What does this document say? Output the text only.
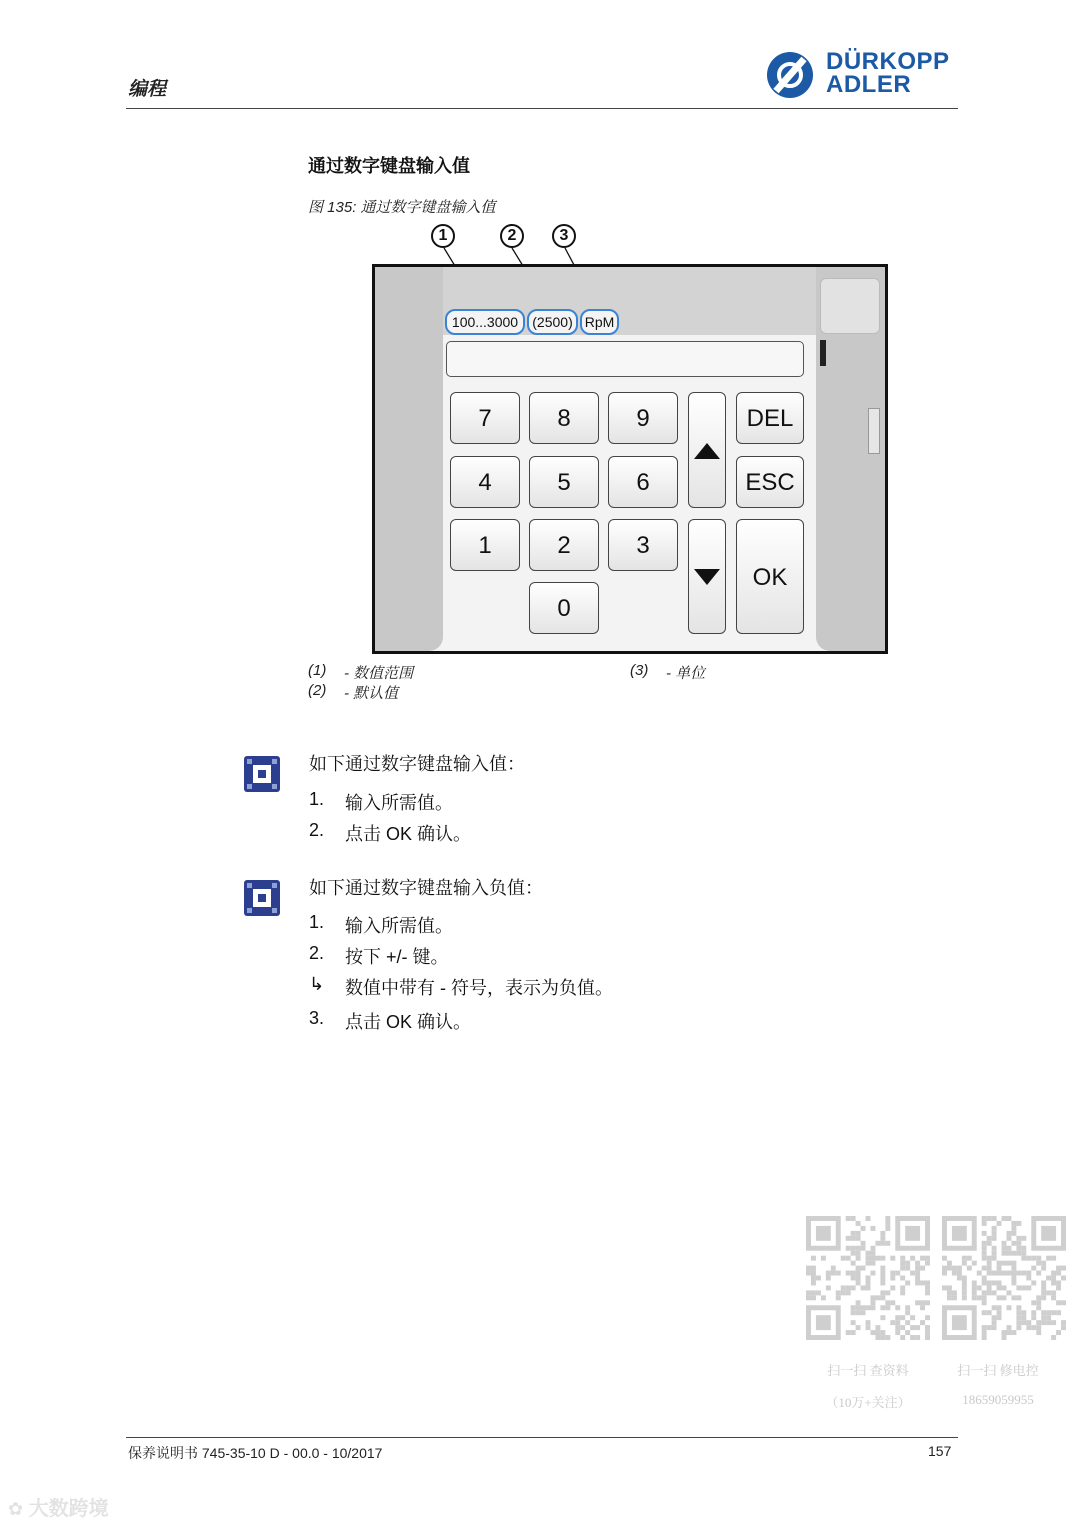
编程
DÜRKOPP
ADLER
通过数字键盘输入值
图 135: 通过数字键盘输入值
1	2	3
100...3000	(2500) RpM
7	8	9
4	5	6
1	2	3
0
DEL
ESC
OK
(1) - 数值范围
(2) - 默认值
(3) - 单位
如下通过数字键盘输入值：
1. 输入所需值。
2. 点击 OK 确认。
如下通过数字键盘输入负值：
1. 输入所需值。
2. 按下 +/- 键。
↳ 数值中带有 - 符号，表示为负值。
3. 点击 OK 确认。
扫一扫 查资料
（10万+关注）
扫一扫 修电控
18659059955
保养说明书 745-35-10 D - 00.0 - 10/2017	157
✿ 大数跨境
